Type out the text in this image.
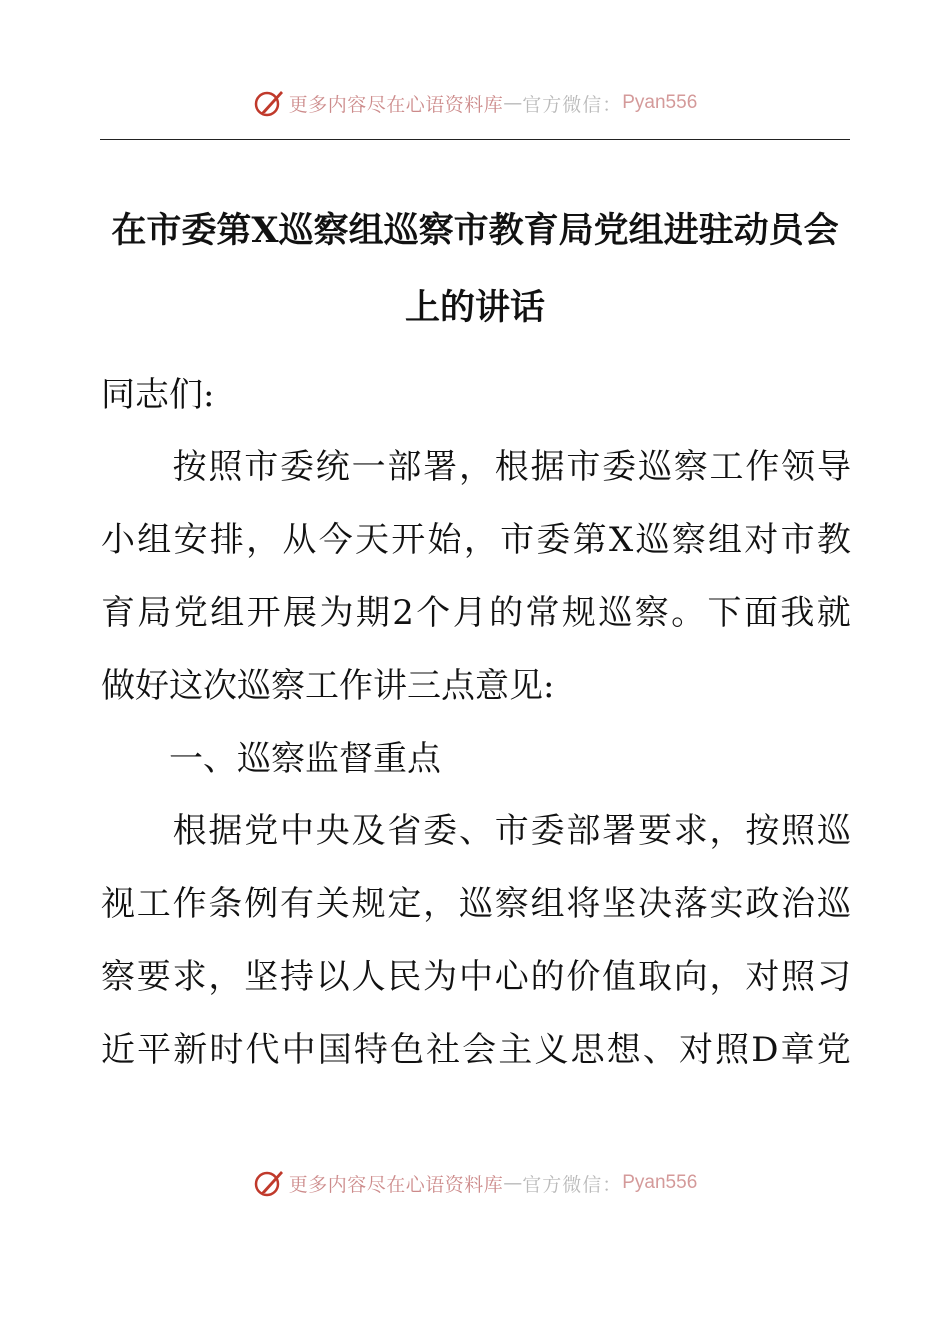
更多内容尽在心语资料库 — 官方微信： Pyan556
在市委第X巡察组巡察市教育局党组进驻动员会
上的讲话
同志们:

按 照 市 委 统 一 部 署 ， 根 据 市 委 巡 察 工 作 领 导
小 组 安 排 ， 从 今 天 开 始 ， 市 委 第 X 巡 察 组 对 市 教
育 局 党 组 开 展 为 期 2 个 月 的 常 规 巡 察 。 下 面 我 就
做好这次巡察工作讲三点意见:
　　一、巡察监督重点

根 据 党 中 央 及 省 委 、 市 委 部 署 要 求 ， 按 照 巡
视 工 作 条 例 有 关 规 定 ， 巡 察 组 将 坚 决 落 实 政 治 巡
察 要 求 ， 坚 持 以 人 民 为 中 心 的 价 值 取 向 ， 对 照 习
近 平 新 时 代 中 国 特 色 社 会 主 义 思 想 、 对 照 D 章 党
更多内容尽在心语资料库 — 官方微信： Pyan556
